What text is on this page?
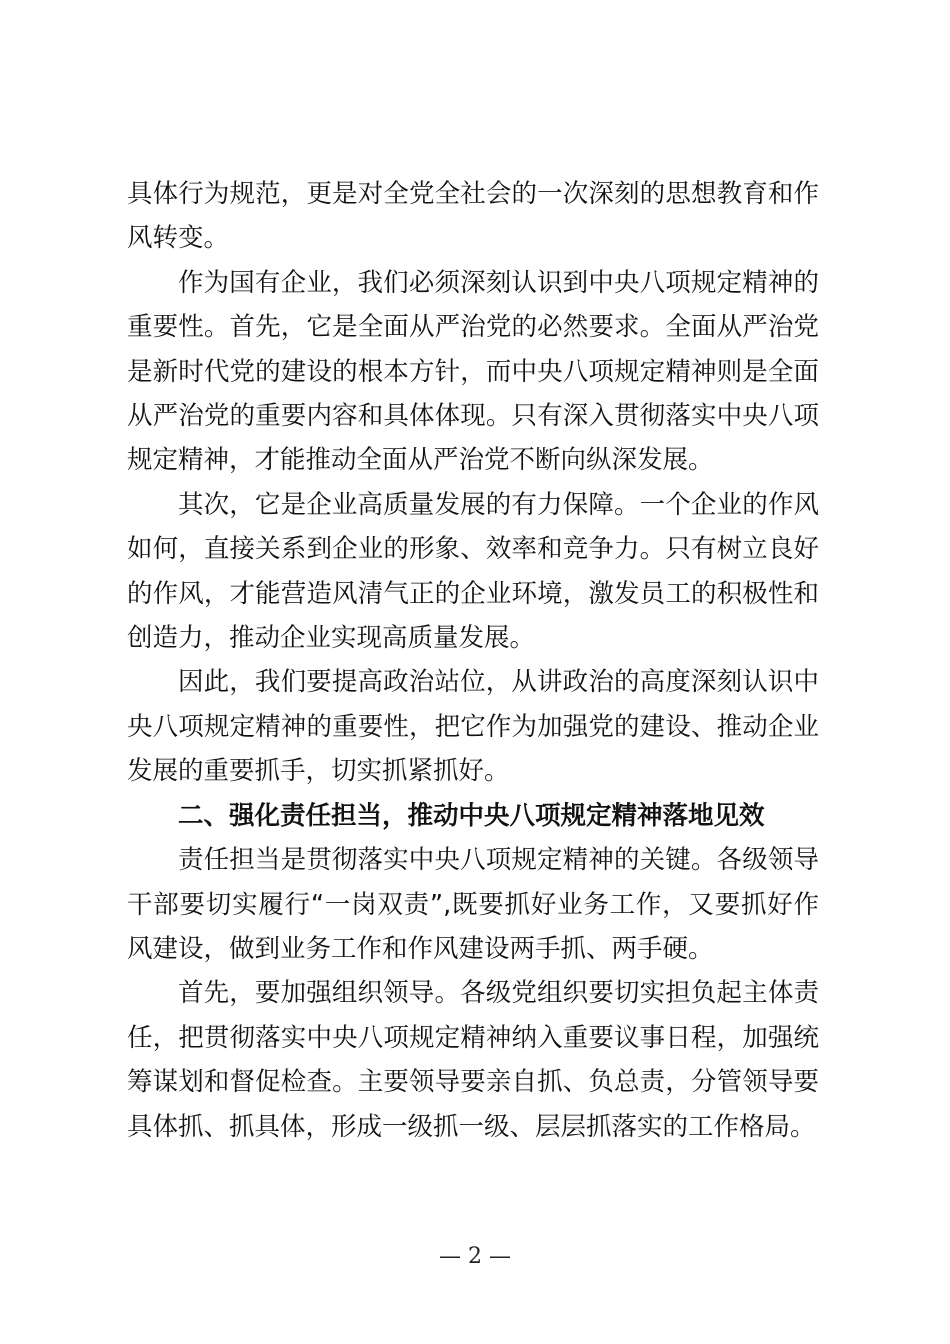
具体行为规范，更是对全党全社会的一次深刻的思想教育和作风转变。

作为国有企业，我们必须深刻认识到中央八项规定精神的重要性。首先，它是全面从严治党的必然要求。全面从严治党是新时代党的建设的根本方针，而中央八项规定精神则是全面从严治党的重要内容和具体体现。只有深入贯彻落实中央八项规定精神，才能推动全面从严治党不断向纵深发展。

其次，它是企业高质量发展的有力保障。一个企业的作风如何，直接关系到企业的形象、效率和竞争力。只有树立良好的作风，才能营造风清气正的企业环境，激发员工的积极性和创造力，推动企业实现高质量发展。

因此，我们要提高政治站位，从讲政治的高度深刻认识中央八项规定精神的重要性，把它作为加强党的建设、推动企业发展的重要抓手，切实抓紧抓好。

二、强化责任担当，推动中央八项规定精神落地见效

责任担当是贯彻落实中央八项规定精神的关键。各级领导干部要切实履行“一岗双责”,既要抓好业务工作，又要抓好作风建设，做到业务工作和作风建设两手抓、两手硬。

首先，要加强组织领导。各级党组织要切实担负起主体责任，把贯彻落实中央八项规定精神纳入重要议事日程，加强统筹谋划和督促检查。主要领导要亲自抓、负总责，分管领导要具体抓、抓具体，形成一级抓一级、层层抓落实的工作格局。

— 2 —
